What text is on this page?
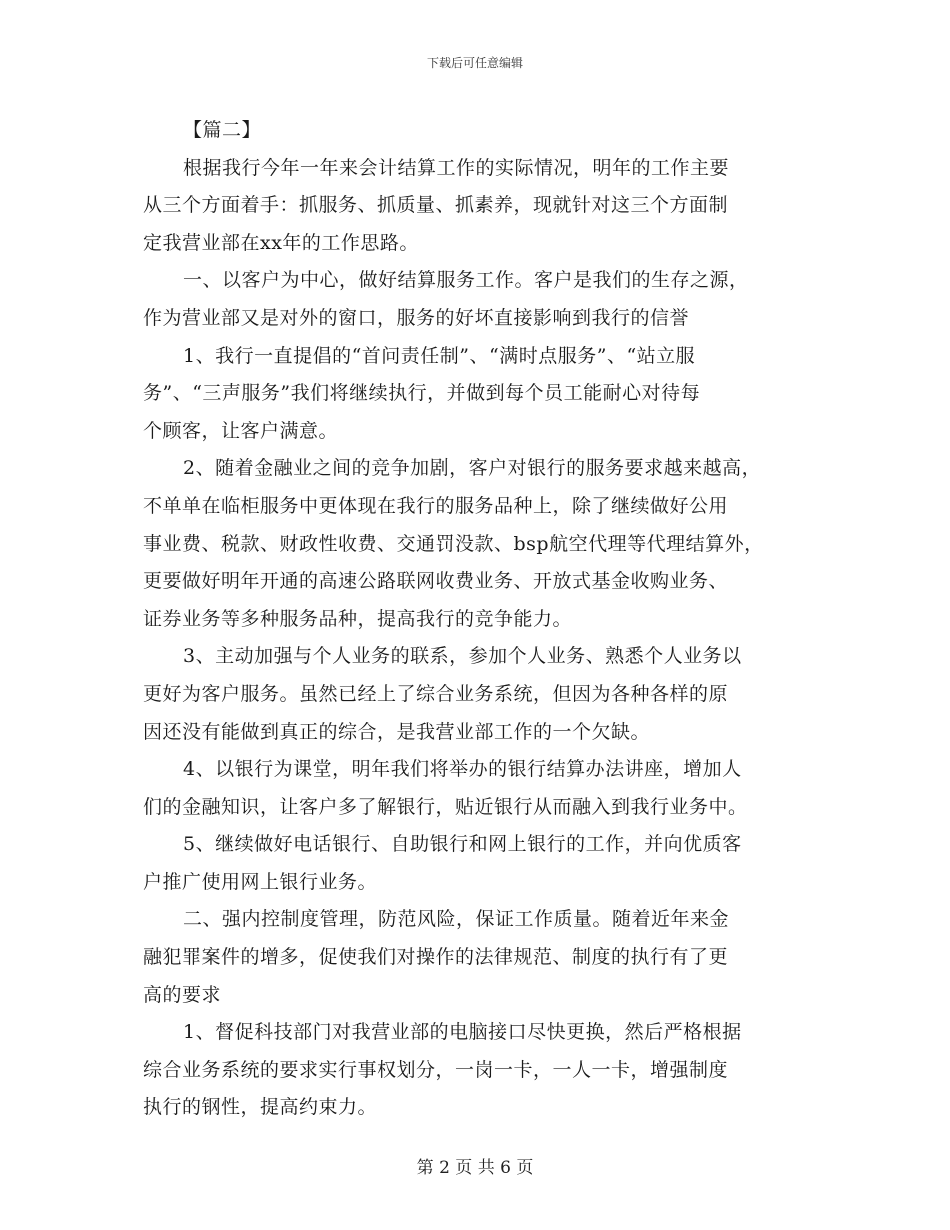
下载后可任意编辑
【篇二】
根据我行今年一年来会计结算工作的实际情况，明年的工作主要
从三个方面着手：抓服务、抓质量、抓素养，现就针对这三个方面制
定我营业部在xx年的工作思路。
一、以客户为中心，做好结算服务工作。客户是我们的生存之源，
作为营业部又是对外的窗口，服务的好坏直接影响到我行的信誉
1、我行一直提倡的“首问责任制”、“满时点服务”、“站立服
务”、“三声服务”我们将继续执行，并做到每个员工能耐心对待每
个顾客，让客户满意。
2、随着金融业之间的竞争加剧，客户对银行的服务要求越来越高，
不单单在临柜服务中更体现在我行的服务品种上，除了继续做好公用
事业费、税款、财政性收费、交通罚没款、bsp航空代理等代理结算外，
更要做好明年开通的高速公路联网收费业务、开放式基金收购业务、
证券业务等多种服务品种，提高我行的竞争能力。
3、主动加强与个人业务的联系，参加个人业务、熟悉个人业务以
更好为客户服务。虽然已经上了综合业务系统，但因为各种各样的原
因还没有能做到真正的综合，是我营业部工作的一个欠缺。
4、以银行为课堂，明年我们将举办的银行结算办法讲座，增加人
们的金融知识，让客户多了解银行，贴近银行从而融入到我行业务中。
5、继续做好电话银行、自助银行和网上银行的工作，并向优质客
户推广使用网上银行业务。
二、强内控制度管理，防范风险，保证工作质量。随着近年来金
融犯罪案件的增多，促使我们对操作的法律规范、制度的执行有了更
高的要求
1、督促科技部门对我营业部的电脑接口尽快更换，然后严格根据
综合业务系统的要求实行事权划分，一岗一卡，一人一卡，增强制度
执行的钢性，提高约束力。
第 2 页 共 6 页
